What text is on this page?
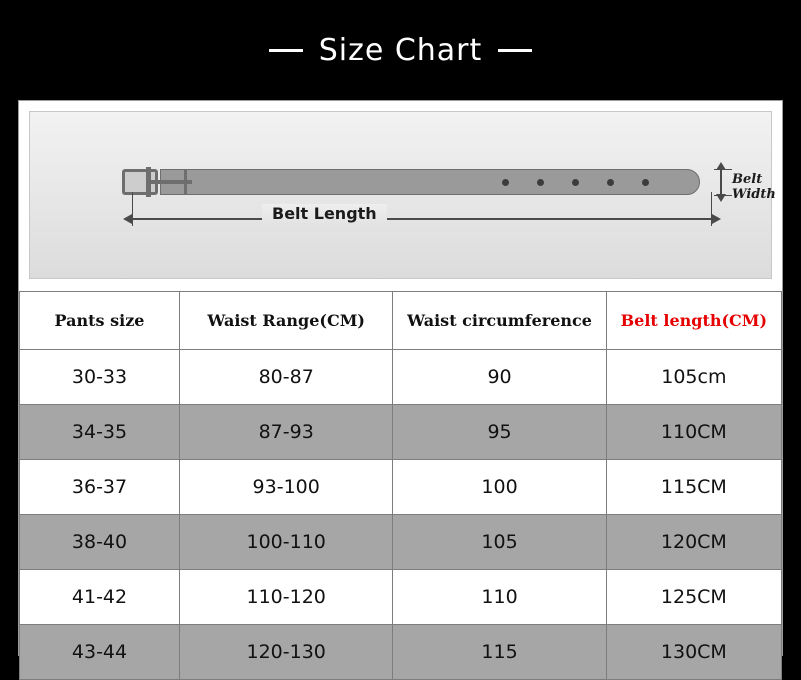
Size Chart
Belt Length
Belt Width
Pants size	Waist Range(CM)	Waist circumference	Belt length(CM)
30-33	80-87	90	105cm
34-35	87-93	95	110CM
36-37	93-100	100	115CM
38-40	100-110	105	120CM
41-42	110-120	110	125CM
43-44	120-130	115	130CM
